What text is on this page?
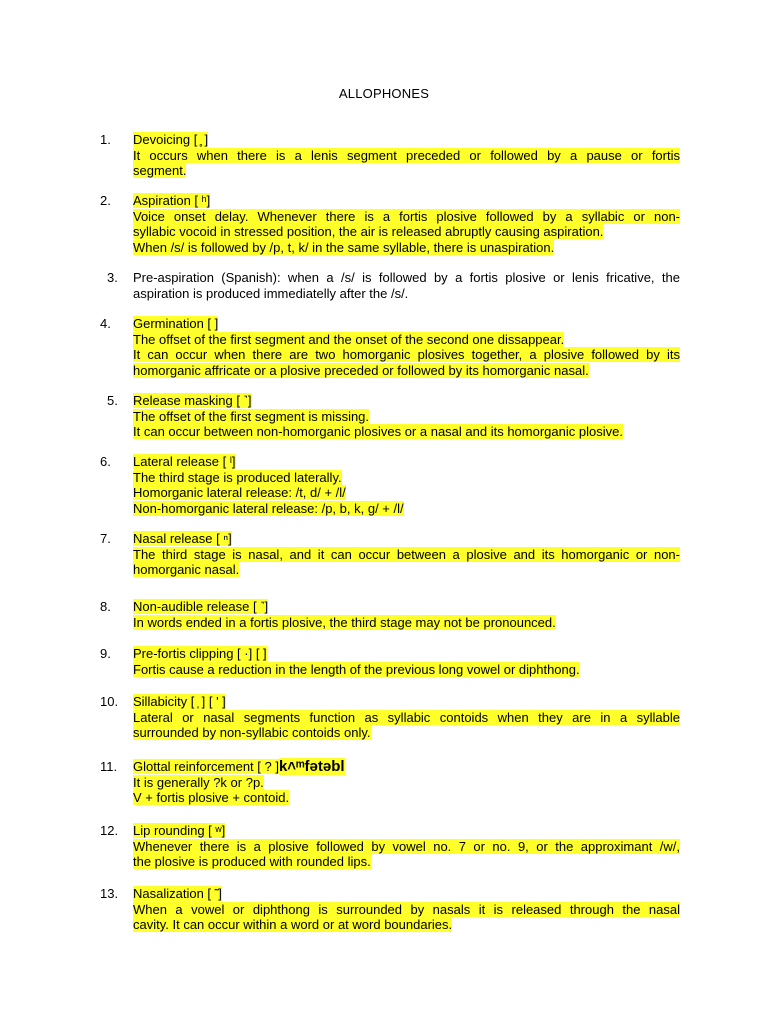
ALLOPHONES
1.	Devoicing [ ̥ ]
It occurs when there is a lenis segment preceded or followed by a pause or fortis
segment.
2.	Aspiration [ ʰ]
Voice onset delay. Whenever there is a fortis plosive followed by a syllabic or non-
syllabic vocoid in stressed position, the air is released abruptly causing aspiration.
When /s/ is followed by /p, t, k/ in the same syllable, there is unaspiration.
3.	Pre-aspiration (Spanish): when a /s/ is followed by a fortis plosive or lenis fricative, the
aspiration is produced immediatelly after the /s/.
4.	Germination [ ]
The offset of the first segment and the onset of the second one dissappear.
It can occur when there are two homorganic plosives together, a plosive followed by its
homorganic affricate or a plosive preceded or followed by its homorganic nasal.
5.	Release masking [ ˺]
The offset of the first segment is missing.
It can occur between non-homorganic plosives or a nasal and its homorganic plosive.
6.	Lateral release [ ˡ]
The third stage is produced laterally.
Homorganic lateral release: /t, d/ + /l/
Non-homorganic lateral release: /p, b, k, g/ + /l/
7.	Nasal release [ ⁿ]
The third stage is nasal, and it can occur between a plosive and its homorganic or non-
homorganic nasal.
8.	Non-audible release [ ˺]
In words ended in a fortis plosive, the third stage may not be pronounced.
9.	Pre-fortis clipping [ ·] [ ]
Fortis cause a reduction in the length of the previous long vowel or diphthong.
10.	Sillabicity [ ̩ ] [ ' ]
Lateral or nasal segments function as syllabic contoids when they are in a syllable
surrounded by non-syllabic contoids only.
11.	Glottal reinforcement [ ? ]k˄ᵐfətəbl
It is generally ?k or ?p.
V + fortis plosive + contoid.
12.	Lip rounding [ ʷ]
Whenever there is a plosive followed by vowel no. 7 or no. 9, or the approximant /w/,
the plosive is produced with rounded lips.
13.	Nasalization [ ̃ ]
When a vowel or diphthong is surrounded by nasals it is released through the nasal
cavity. It can occur within a word or at word boundaries.
